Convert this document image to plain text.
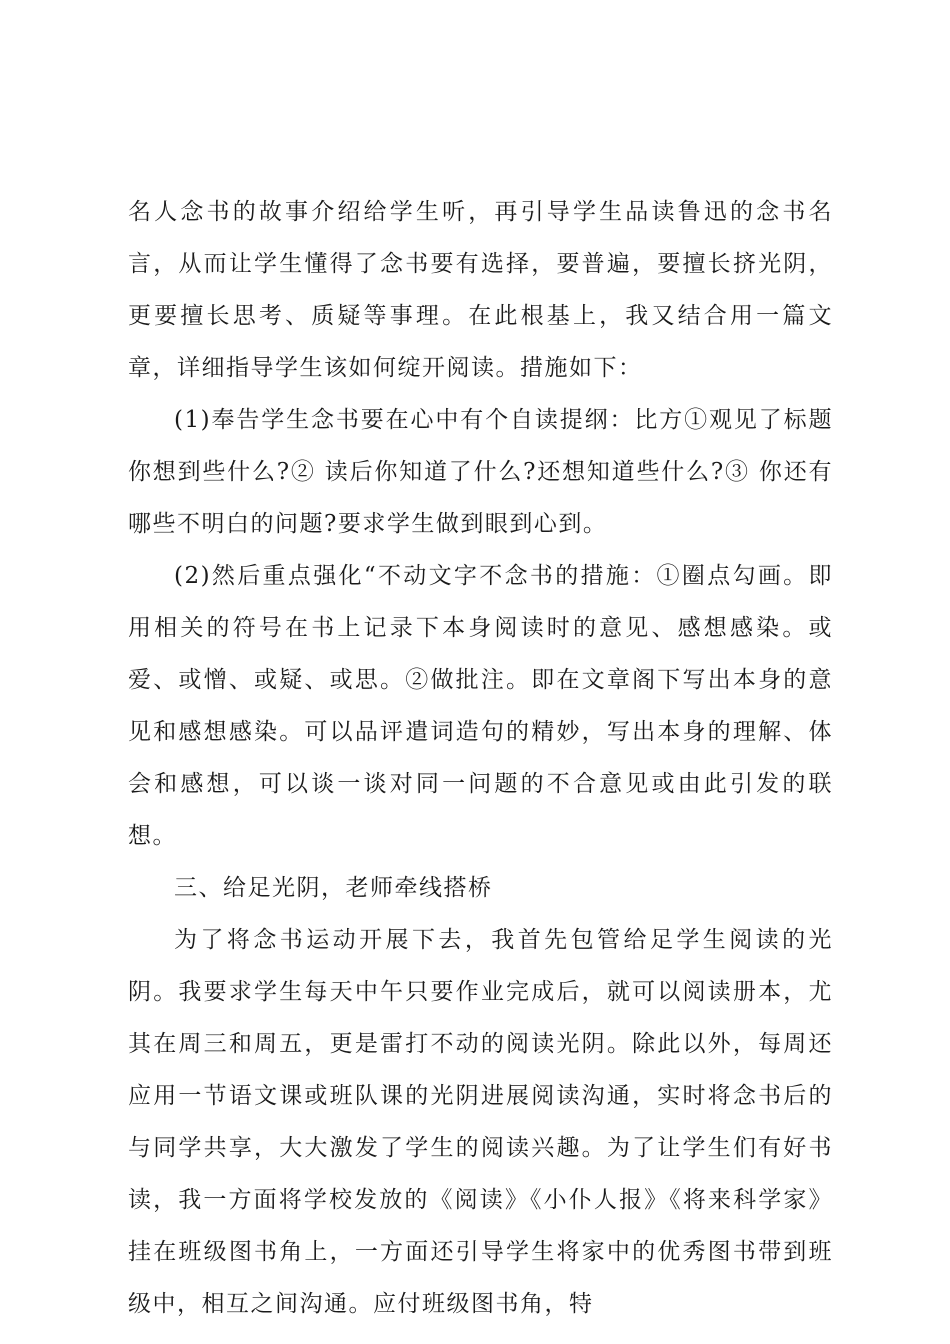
名人念书的故事介绍给学生听，再引导学生品读鲁迅的念书名言，从而让学生懂得了念书要有选择，要普遍，要擅长挤光阴，更要擅长思考、质疑等事理。在此根基上，我又结合用一篇文章，详细指导学生该如何绽开阅读。措施如下：

(1)奉告学生念书要在心中有个自读提纲：比方①观见了标题你想到些什么?② 读后你知道了什么?还想知道些什么?③ 你还有哪些不明白的问题?要求学生做到眼到心到。

(2)然后重点强化“不动文字不念书的措施：①圈点勾画。即用相关的符号在书上记录下本身阅读时的意见、感想感染。或爱、或憎、或疑、或思。②做批注。即在文章阁下写出本身的意见和感想感染。可以品评遣词造句的精妙，写出本身的理解、体会和感想，可以谈一谈对同一问题的不合意见或由此引发的联想。

三、给足光阴，老师牵线搭桥

为了将念书运动开展下去，我首先包管给足学生阅读的光阴。我要求学生每天中午只要作业完成后，就可以阅读册本，尤其在周三和周五，更是雷打不动的阅读光阴。除此以外，每周还应用一节语文课或班队课的光阴进展阅读沟通，实时将念书后的与同学共享，大大激发了学生的阅读兴趣。为了让学生们有好书读，我一方面将学校发放的《阅读》《小仆人报》《将来科学家》挂在班级图书角上，一方面还引导学生将家中的优秀图书带到班级中，相互之间沟通。应付班级图书角，特
